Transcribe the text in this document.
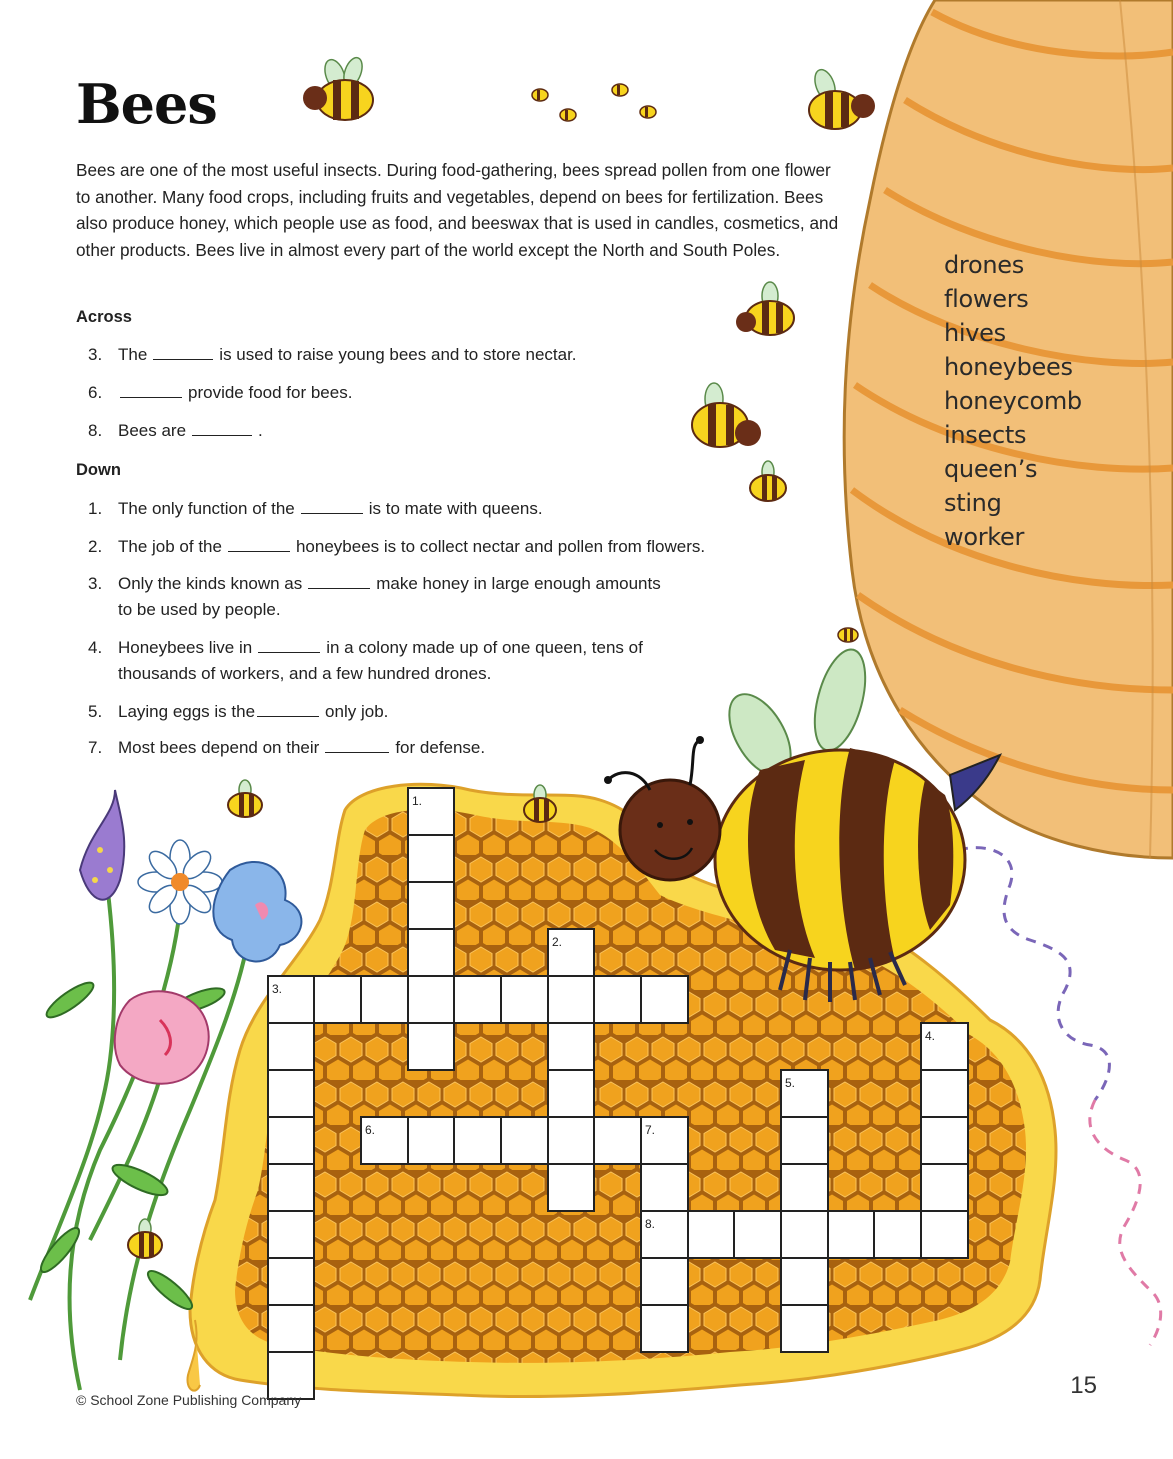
1.
2.
3.
4.
5.
6.	7.
8.
Bees

Bees are one of the most useful insects. During food-gathering, bees spread pollen from one flower to another. Many food crops, including fruits and vegetables, depend on bees for fertilization. Bees also produce honey, which people use as food, and beeswax that is used in candles, cosmetics, and other products. Bees live in almost every part of the world except the North and South Poles.

Across
3. The	is used to raise young bees and to store nectar.
6.	provide food for bees.
8. Bees are	.
Down
1. The only function of the	is to mate with queens.
2. The job of the	honeybees is to collect nectar and pollen from flowers.
3. Only the kinds known as	make honey in large enough amounts
to be used by people.
4. Honeybees live in	in a colony made up of one queen, tens of
thousands of workers, and a few hundred drones.
5. Laying eggs is the	only job.
7. Most bees depend on their	for defense.
drones
flowers
hives
honeybees
honeycomb
insects
queen’s
sting
worker
© School Zone Publishing Company
15
